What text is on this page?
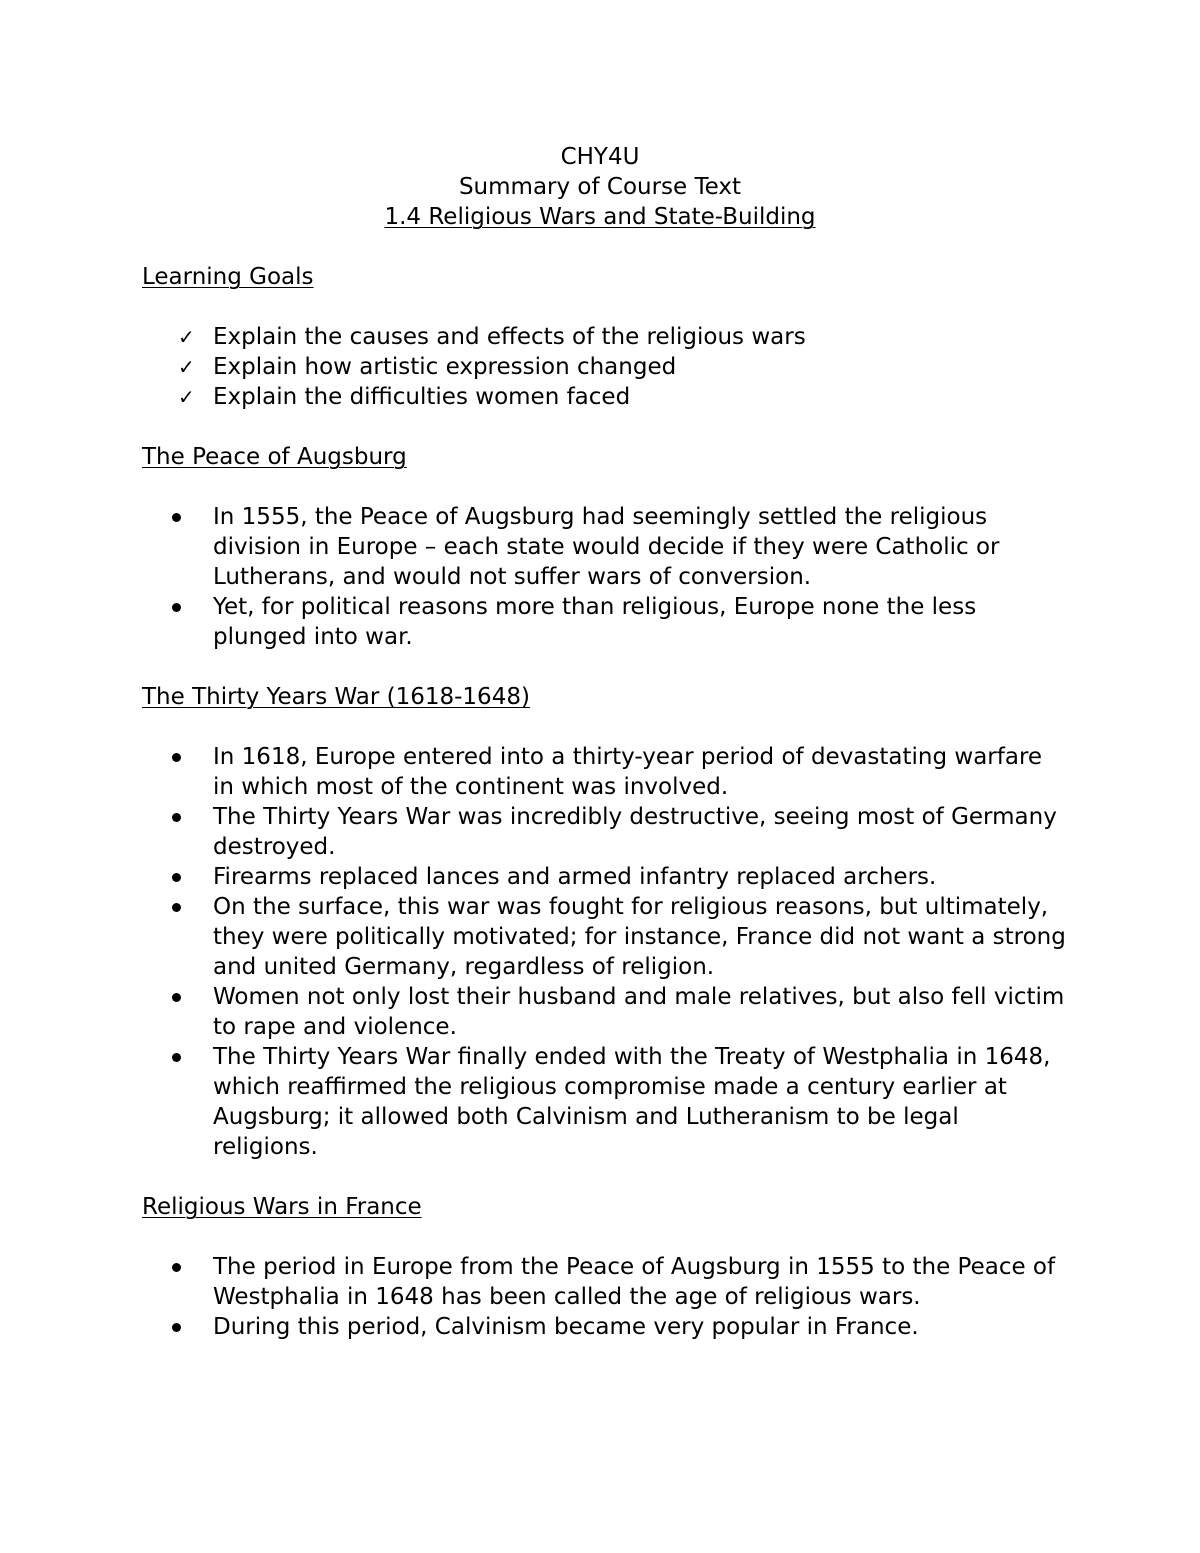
CHY4U
Summary of Course Text
1.4 Religious Wars and State-Building
Learning Goals
✓ Explain the causes and effects of the religious wars
✓ Explain how artistic expression changed
✓ Explain the difficulties women faced
The Peace of Augsburg
In 1555, the Peace of Augsburg had seemingly settled the religious division in Europe – each state would decide if they were Catholic or Lutherans, and would not suffer wars of conversion.
Yet, for political reasons more than religious, Europe none the less plunged into war.
The Thirty Years War (1618-1648)
In 1618, Europe entered into a thirty-year period of devastating warfare in which most of the continent was involved.
The Thirty Years War was incredibly destructive, seeing most of Germany destroyed.
Firearms replaced lances and armed infantry replaced archers.
On the surface, this war was fought for religious reasons, but ultimately, they were politically motivated; for instance, France did not want a strong and united Germany, regardless of religion.
Women not only lost their husband and male relatives, but also fell victim to rape and violence.
The Thirty Years War finally ended with the Treaty of Westphalia in 1648, which reaffirmed the religious compromise made a century earlier at Augsburg; it allowed both Calvinism and Lutheranism to be legal religions.
Religious Wars in France
The period in Europe from the Peace of Augsburg in 1555 to the Peace of Westphalia in 1648 has been called the age of religious wars.
During this period, Calvinism became very popular in France.
